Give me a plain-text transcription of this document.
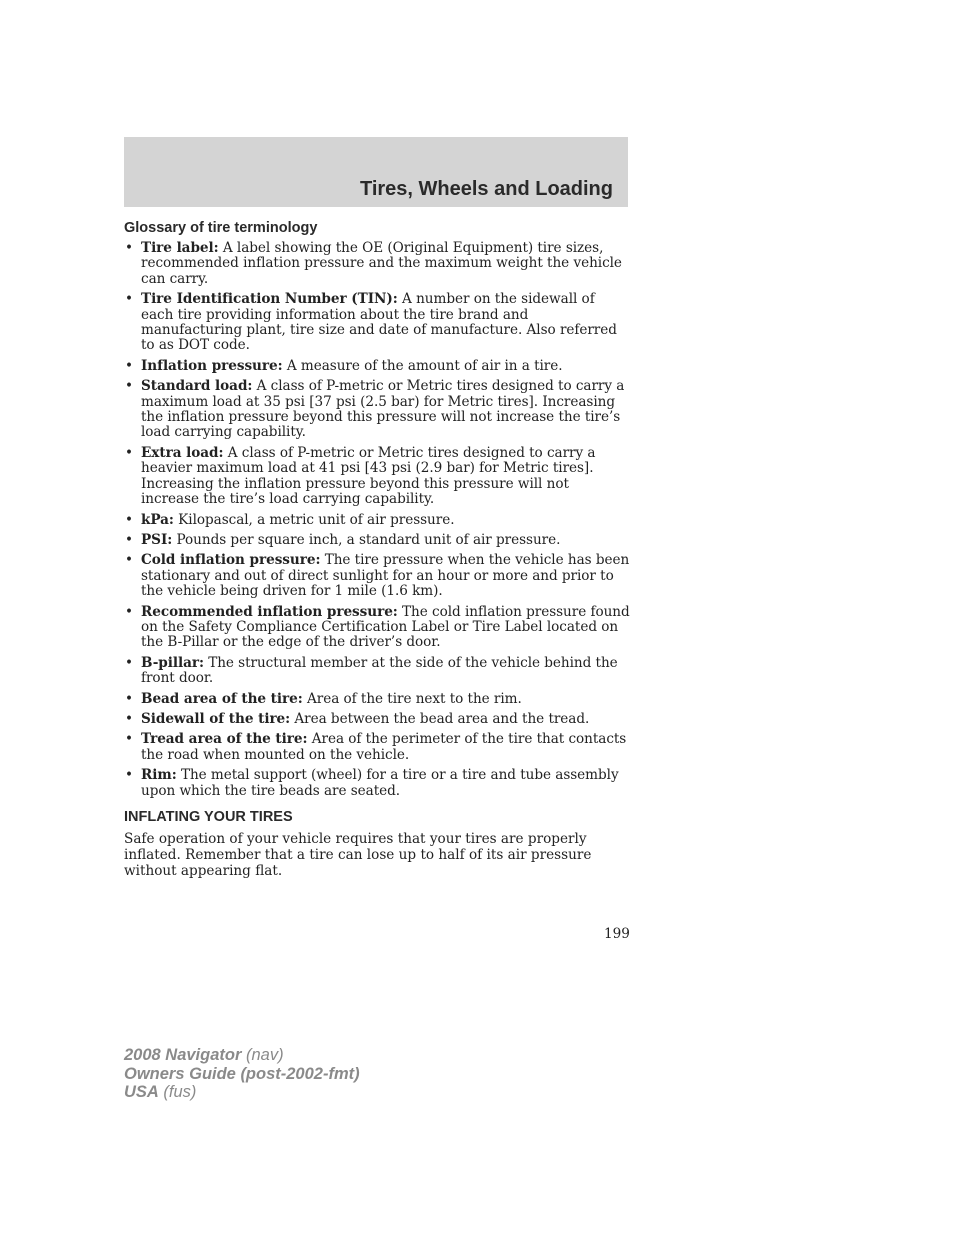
Tires, Wheels and Loading
Glossary of tire terminology
• Tire label: A label showing the OE (Original Equipment) tire sizes, recommended inflation pressure and the maximum weight the vehicle can carry.
• Tire Identification Number (TIN): A number on the sidewall of each tire providing information about the tire brand and manufacturing plant, tire size and date of manufacture. Also referred to as DOT code.
• Inflation pressure: A measure of the amount of air in a tire.
• Standard load: A class of P-metric or Metric tires designed to carry a maximum load at 35 psi [37 psi (2.5 bar) for Metric tires]. Increasing the inflation pressure beyond this pressure will not increase the tire’s load carrying capability.
• Extra load: A class of P-metric or Metric tires designed to carry a heavier maximum load at 41 psi [43 psi (2.9 bar) for Metric tires]. Increasing the inflation pressure beyond this pressure will not increase the tire’s load carrying capability.
• kPa: Kilopascal, a metric unit of air pressure.
• PSI: Pounds per square inch, a standard unit of air pressure.
• Cold inflation pressure: The tire pressure when the vehicle has been stationary and out of direct sunlight for an hour or more and prior to the vehicle being driven for 1 mile (1.6 km).
• Recommended inflation pressure: The cold inflation pressure found on the Safety Compliance Certification Label or Tire Label located on the B-Pillar or the edge of the driver’s door.
• B-pillar: The structural member at the side of the vehicle behind the front door.
• Bead area of the tire: Area of the tire next to the rim.
• Sidewall of the tire: Area between the bead area and the tread.
• Tread area of the tire: Area of the perimeter of the tire that contacts the road when mounted on the vehicle.
• Rim: The metal support (wheel) for a tire or a tire and tube assembly upon which the tire beads are seated.
INFLATING YOUR TIRES

Safe operation of your vehicle requires that your tires are properly inflated. Remember that a tire can lose up to half of its air pressure without appearing flat.

199
2008 Navigator (nav)
Owners Guide (post-2002-fmt)
USA (fus)
